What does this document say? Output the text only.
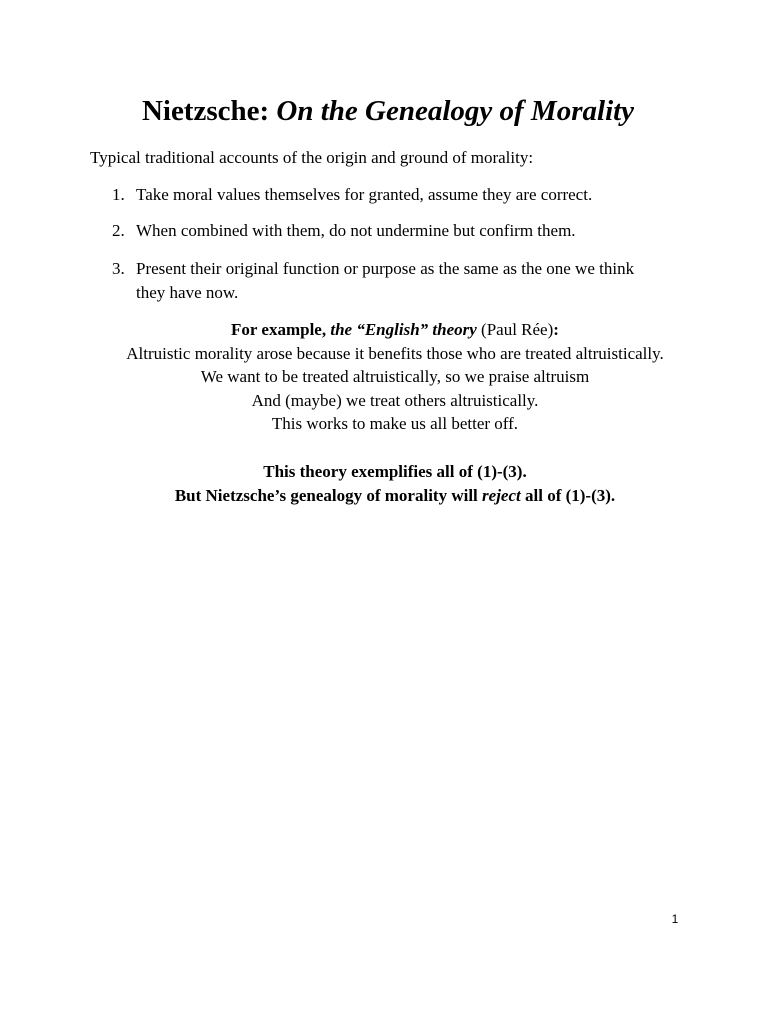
Nietzsche: On the Genealogy of Morality
Typical traditional accounts of the origin and ground of morality:
1. Take moral values themselves for granted, assume they are correct.
2. When combined with them, do not undermine but confirm them.
3. Present their original function or purpose as the same as the one we think they have now.
For example, the “English” theory (Paul Rée):
Altruistic morality arose because it benefits those who are treated altruistically.
We want to be treated altruistically, so we praise altruism
And (maybe) we treat others altruistically.
This works to make us all better off.
This theory exemplifies all of (1)-(3).
But Nietzsche’s genealogy of morality will reject all of (1)-(3).
1
